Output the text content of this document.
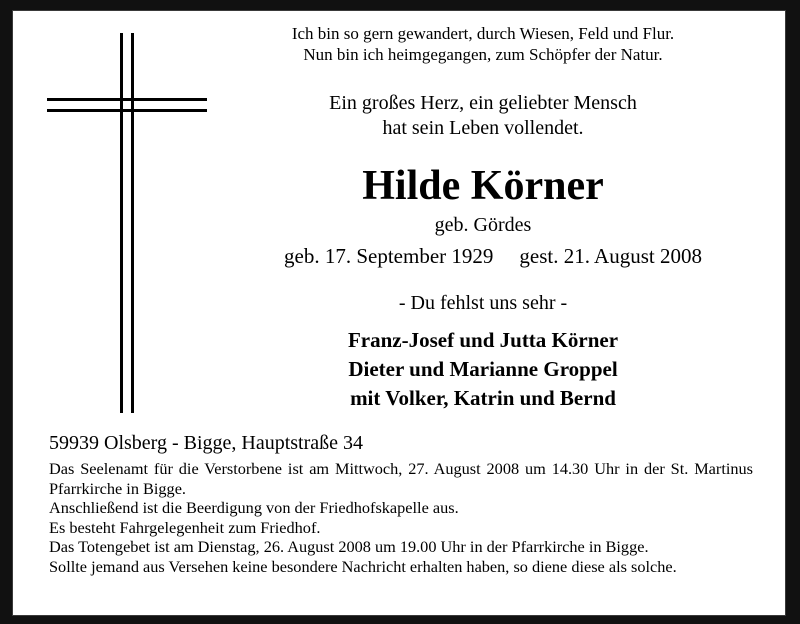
Ich bin so gern gewandert, durch Wiesen, Feld und Flur.
Nun bin ich heimgegangen, zum Schöpfer der Natur.
Ein großes Herz, ein geliebter Mensch
hat sein Leben vollendet.
Hilde Körner
geb. Gördes
geb. 17. September 1929 gest. 21. August 2008
- Du fehlst uns sehr -
Franz-Josef und Jutta Körner
Dieter und Marianne Groppel
mit Volker, Katrin und Bernd
59939 Olsberg - Bigge, Hauptstraße 34
Das Seelenamt für die Verstorbene ist am Mittwoch, 27. August 2008 um 14.30 Uhr in der St. Martinus Pfarrkirche in Bigge.
Anschließend ist die Beerdigung von der Friedhofskapelle aus.
Es besteht Fahrgelegenheit zum Friedhof.
Das Totengebet ist am Dienstag, 26. August 2008 um 19.00 Uhr in der Pfarrkirche in Bigge.
Sollte jemand aus Versehen keine besondere Nachricht erhalten haben, so diene diese als solche.
